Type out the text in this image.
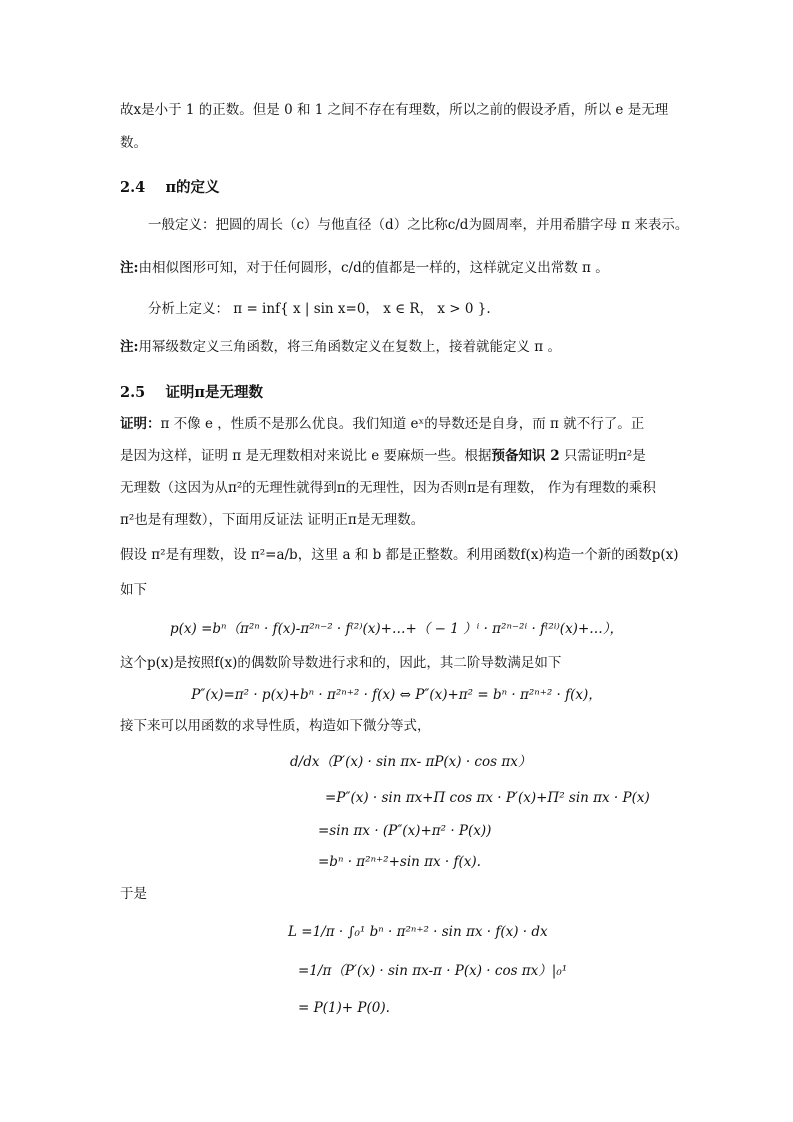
故x是小于 1 的正数。但是 0 和 1 之间不存在有理数，所以之前的假设矛盾，所以 e 是无理
数。
2.4 π的定义
一般定义：把圆的周长（c）与他直径（d）之比称c/d为圆周率，并用希腊字母 π 来表示。
注:由相似图形可知，对于任何圆形，c/d的值都是一样的，这样就定义出常数 π 。
分析上定义： π = inf{ x | sin x=0， x ∈ R， x > 0 }.
注:用幂级数定义三角函数，将三角函数定义在复数上，接着就能定义 π 。
2.5 证明π是无理数
证明：π 不像 e ，性质不是那么优良。我们知道 eˣ的导数还是自身，而 π 就不行了。正
是因为这样，证明 π 是无理数相对来说比 e 要麻烦一些。根据预备知识 2 只需证明π²是
无理数（这因为从π²的无理性就得到π的无理性，因为否则π是有理数， 作为有理数的乘积
π²也是有理数），下面用反证法 证明正π是无理数。
假设 π²是有理数，设 π²=a/b，这里 a 和 b 都是正整数。利用函数f(x)构造一个新的函数p(x)
如下
p(x) =bⁿ（π²ⁿ · f(x)-π²ⁿ⁻² · f⁽²⁾(x)+…+（ − 1 ）ⁱ · π²ⁿ⁻²ⁱ · f⁽²ⁱ⁾(x)+…），
这个p(x)是按照f(x)的偶数阶导数进行求和的，因此，其二阶导数满足如下
P″(x)=π² · p(x)+bⁿ · π²ⁿ⁺² · f(x) ⇔ P″(x)+π² = bⁿ · π²ⁿ⁺² · f(x)，
接下来可以用函数的求导性质，构造如下微分等式，
d/dx（P′(x) · sin πx- πP(x) · cos πx）
=P″(x) · sin πx+Π cos πx · P′(x)+Π² sin πx · P(x)
=sin πx · (P″(x)+π² · P(x))
=bⁿ · π²ⁿ⁺²+sin πx · f(x).
于是
L =1/π · ∫₀¹ bⁿ · π²ⁿ⁺² · sin πx · f(x) · dx
=1/π（P′(x) · sin πx-π · P(x) · cos πx）|₀¹
= P(1)+ P(0).
